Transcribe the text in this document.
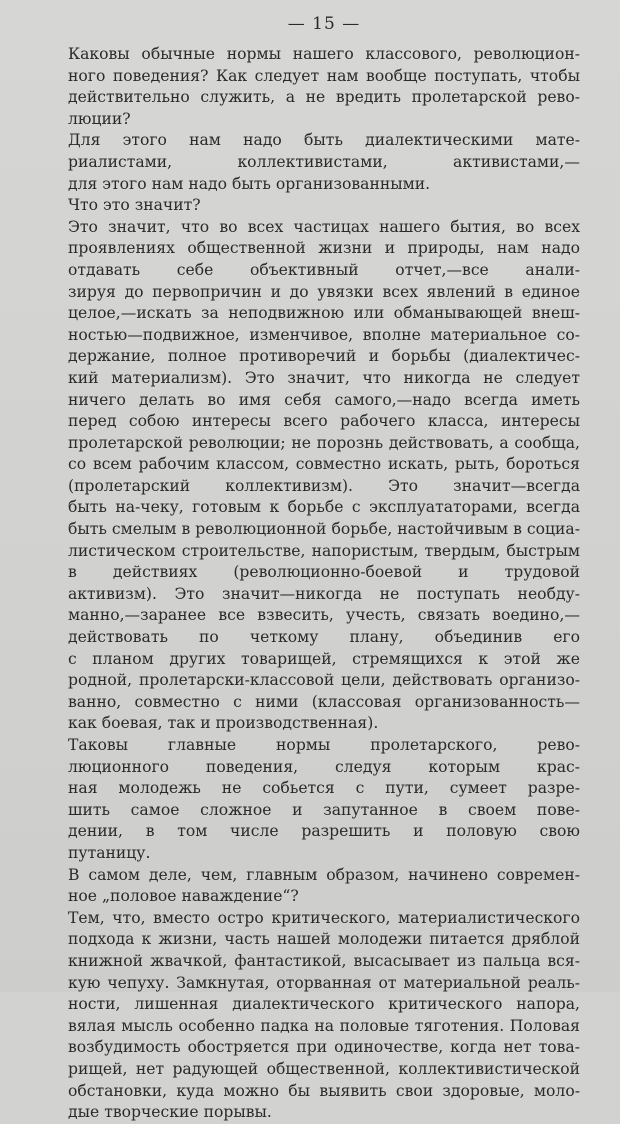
— 15 —
Каковы обычные нормы нашего классового, революцион-
ного поведения? Как следует нам вообще поступать, чтобы
действительно служить, а не вредить пролетарской рево-
люции?
Для этого нам надо быть диалектическими мате-
риалистами, коллективистами, активистами,—
для этого нам надо быть организованными.
Что это значит?
Это значит, что во всех частицах нашего бытия, во всех
проявлениях общественной жизни и природы, нам надо
отдавать себе объективный отчет,—все анали-
зируя до первопричин и до увязки всех явлений в единое
целое,—искать за неподвижною или обманывающей внеш-
ностью—подвижное, изменчивое, вполне материальное со-
держание, полное противоречий и борьбы (диалектичес-
кий материализм). Это значит, что никогда не следует
ничего делать во имя себя самого,—надо всегда иметь
перед собою интересы всего рабочего класса, интересы
пролетарской революции; не порознь действовать, а сообща,
со всем рабочим классом, совместно искать, рыть, бороться
(пролетарский коллективизм). Это значит—всегда
быть на-чеку, готовым к борьбе с эксплуататорами, всегда
быть смелым в революционной борьбе, настойчивым в социа-
листическом строительстве, напористым, твердым, быстрым
в действиях (революционно-боевой и трудовой
активизм). Это значит—никогда не поступать необду-
манно,—заранее все взвесить, учесть, связать воедино,—
действовать по четкому плану, объединив его
с планом других товарищей, стремящихся к этой же
родной, пролетарски-классовой цели, действовать организо-
ванно, совместно с ними (классовая организованность—
как боевая, так и производственная).
Таковы главные нормы пролетарского, рево-
люционного поведения, следуя которым крас-
ная молодежь не собьется с пути, сумеет разре-
шить самое сложное и запутанное в своем пове-
дении, в том числе разрешить и половую свою
путаницу.
В самом деле, чем, главным образом, начинено современ-
ное „половое наваждение“?
Тем, что, вместо остро критического, материалистического
подхода к жизни, часть нашей молодежи питается дряблой
книжной жвачкой, фантастикой, высасывает из пальца вся-
кую чепуху. Замкнутая, оторванная от материальной реаль-
ности, лишенная диалектического критического напора,
вялая мысль особенно падка на половые тяготения. Половая
возбудимость обостряется при одиночестве, когда нет това-
рищей, нет радующей общественной, коллективистической
обстановки, куда можно бы выявить свои здоровые, моло-
дые творческие порывы.
